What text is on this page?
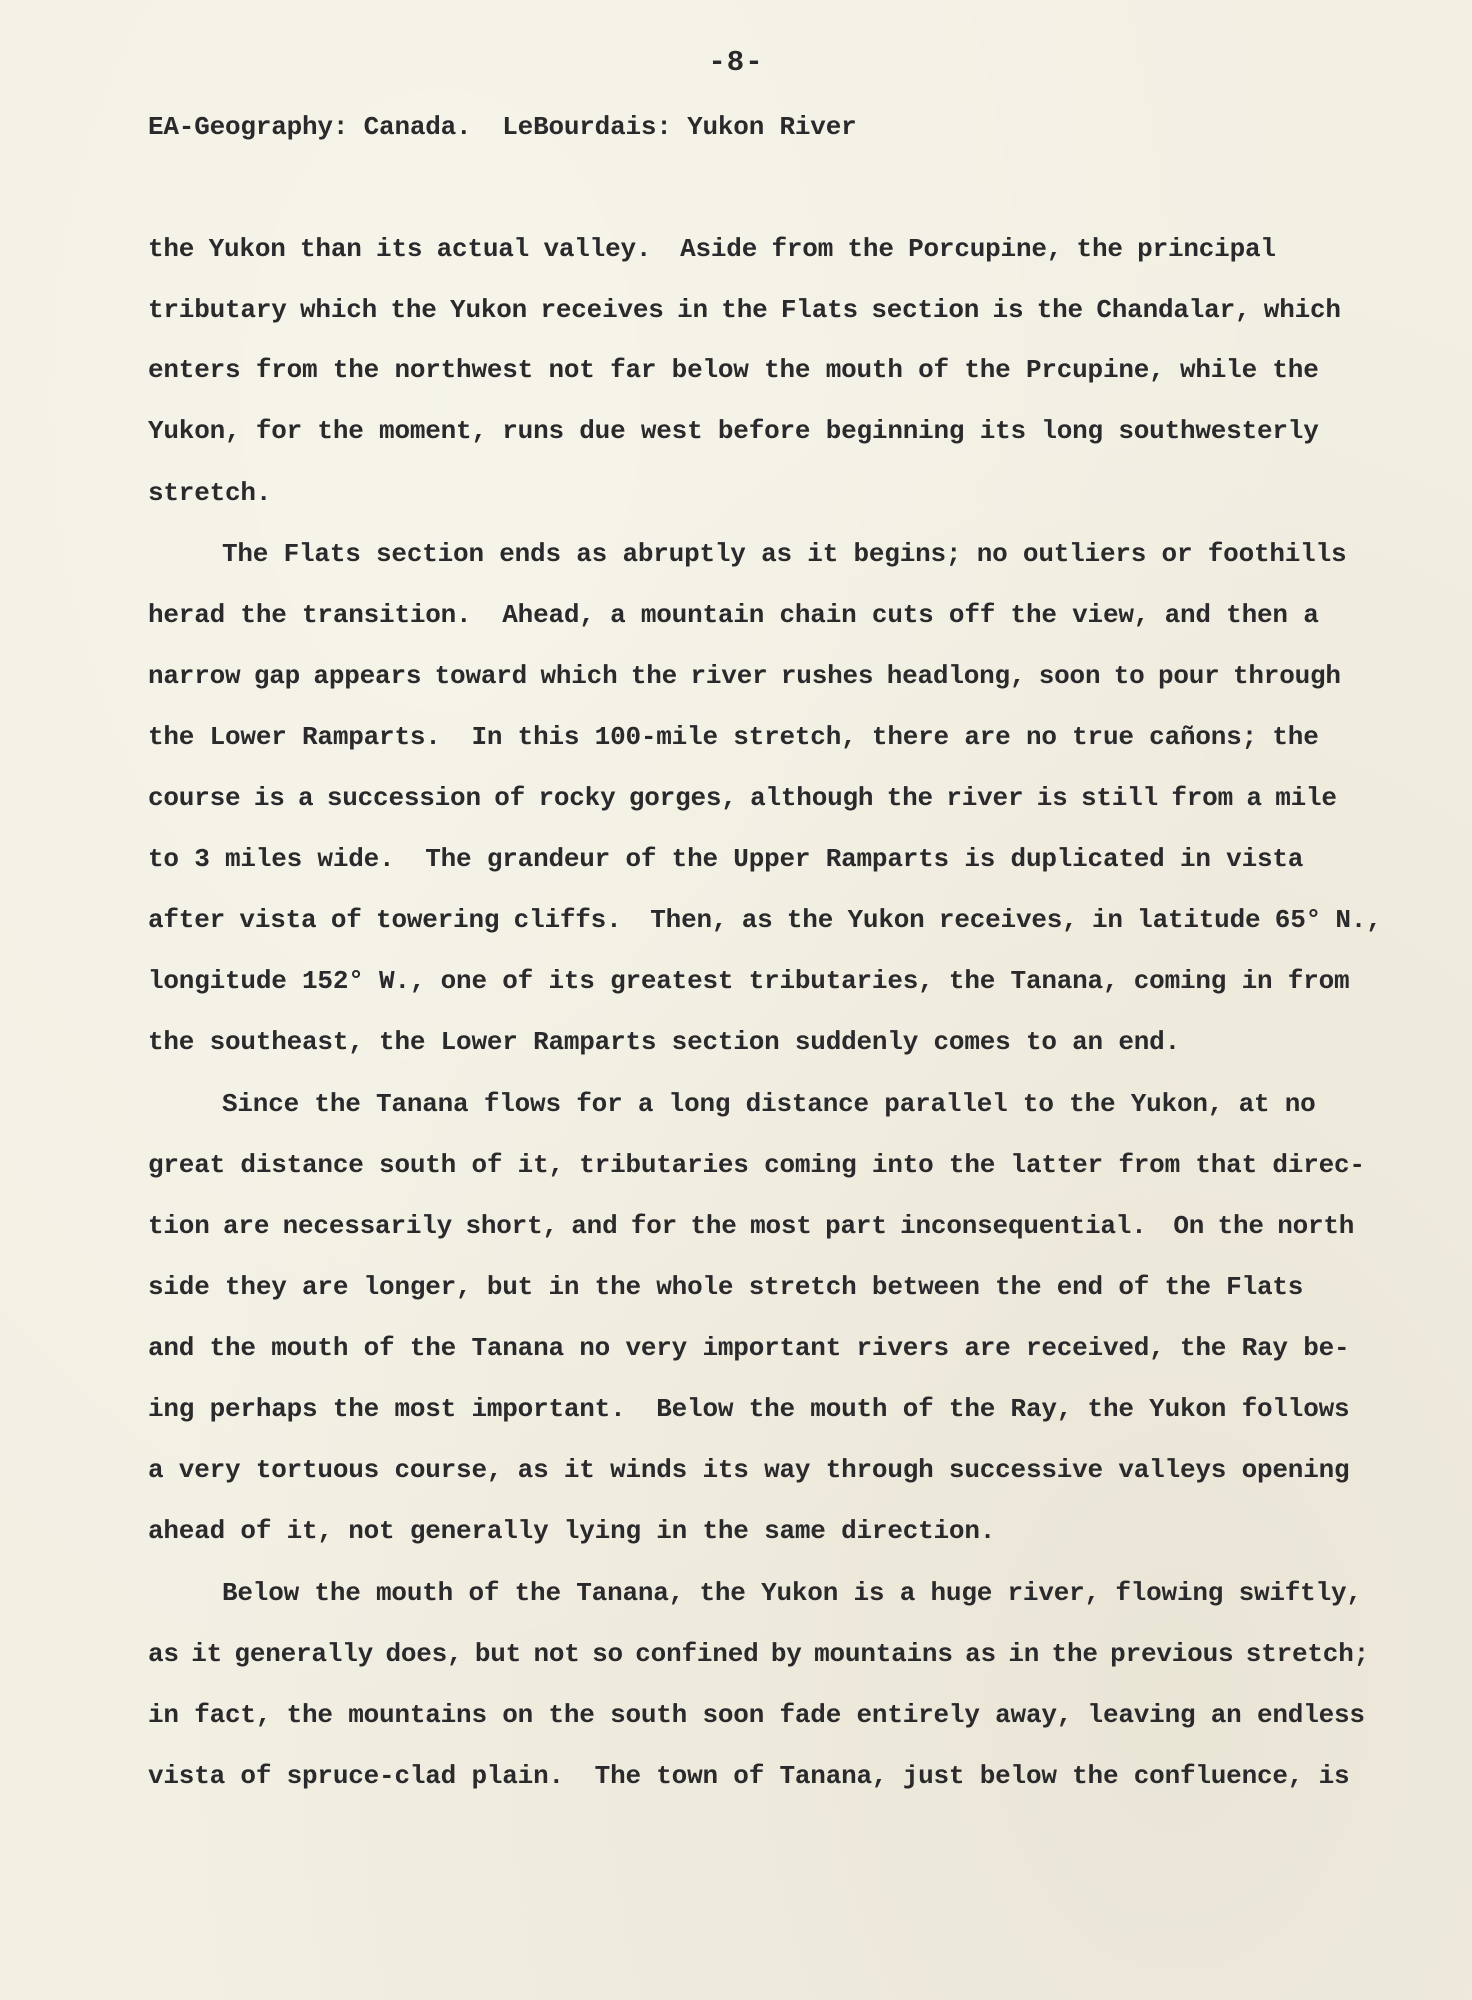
-8-
EA-Geography: Canada.  LeBourdais: Yukon River
the Yukon than its actual valley.  Aside from the Porcupine, the principal
tributary which the Yukon receives in the Flats section is the Chandalar, which
enters from the northwest not far below the mouth of the Prcupine, while the
Yukon, for the moment, runs due west before beginning its long southwesterly
stretch.
The Flats section ends as abruptly as it begins; no outliers or foothills
herad the transition.  Ahead, a mountain chain cuts off the view, and then a
narrow gap appears toward which the river rushes headlong, soon to pour through
the Lower Ramparts.  In this 100-mile stretch, there are no true cañons; the
course is a succession of rocky gorges, although the river is still from a mile
to 3 miles wide.  The grandeur of the Upper Ramparts is duplicated in vista
after vista of towering cliffs.  Then, as the Yukon receives, in latitude 65° N.,
longitude 152° W., one of its greatest tributaries, the Tanana, coming in from
the southeast, the Lower Ramparts section suddenly comes to an end.
Since the Tanana flows for a long distance parallel to the Yukon, at no
great distance south of it, tributaries coming into the latter from that direc-
tion are necessarily short, and for the most part inconsequential.  On the north
side they are longer, but in the whole stretch between the end of the Flats
and the mouth of the Tanana no very important rivers are received, the Ray be-
ing perhaps the most important.  Below the mouth of the Ray, the Yukon follows
a very tortuous course, as it winds its way through successive valleys opening
ahead of it, not generally lying in the same direction.
Below the mouth of the Tanana, the Yukon is a huge river, flowing swiftly,
as it generally does, but not so confined by mountains as in the previous stretch;
in fact, the mountains on the south soon fade entirely away, leaving an endless
vista of spruce-clad plain.  The town of Tanana, just below the confluence, is
